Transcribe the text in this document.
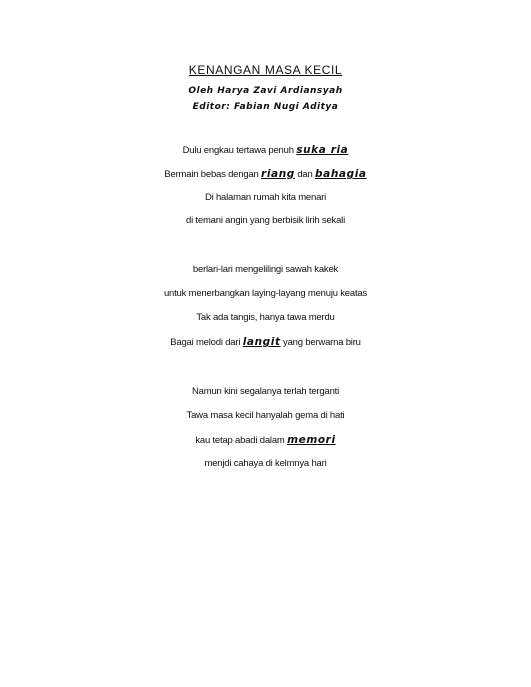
KENANGAN MASA KECIL
Oleh Harya Zavi Ardiansyah
Editor: Fabian Nugi Aditya
Dulu engkau tertawa penuh suka ria
Bermain bebas dengan riang dan bahagia
Di halaman rumah kita menari
di temani angin yang berbisik lirih sekali
berlari-lari mengelilingi sawah kakek
untuk menerbangkan laying-layang menuju keatas
Tak ada tangis, hanya tawa merdu
Bagai melodi dari langit yang berwarna biru
Namun kini segalanya terlah terganti
Tawa masa kecil hanyalah gema di hati
kau tetap abadi dalam memori
menjdi cahaya di kelmnya hari
